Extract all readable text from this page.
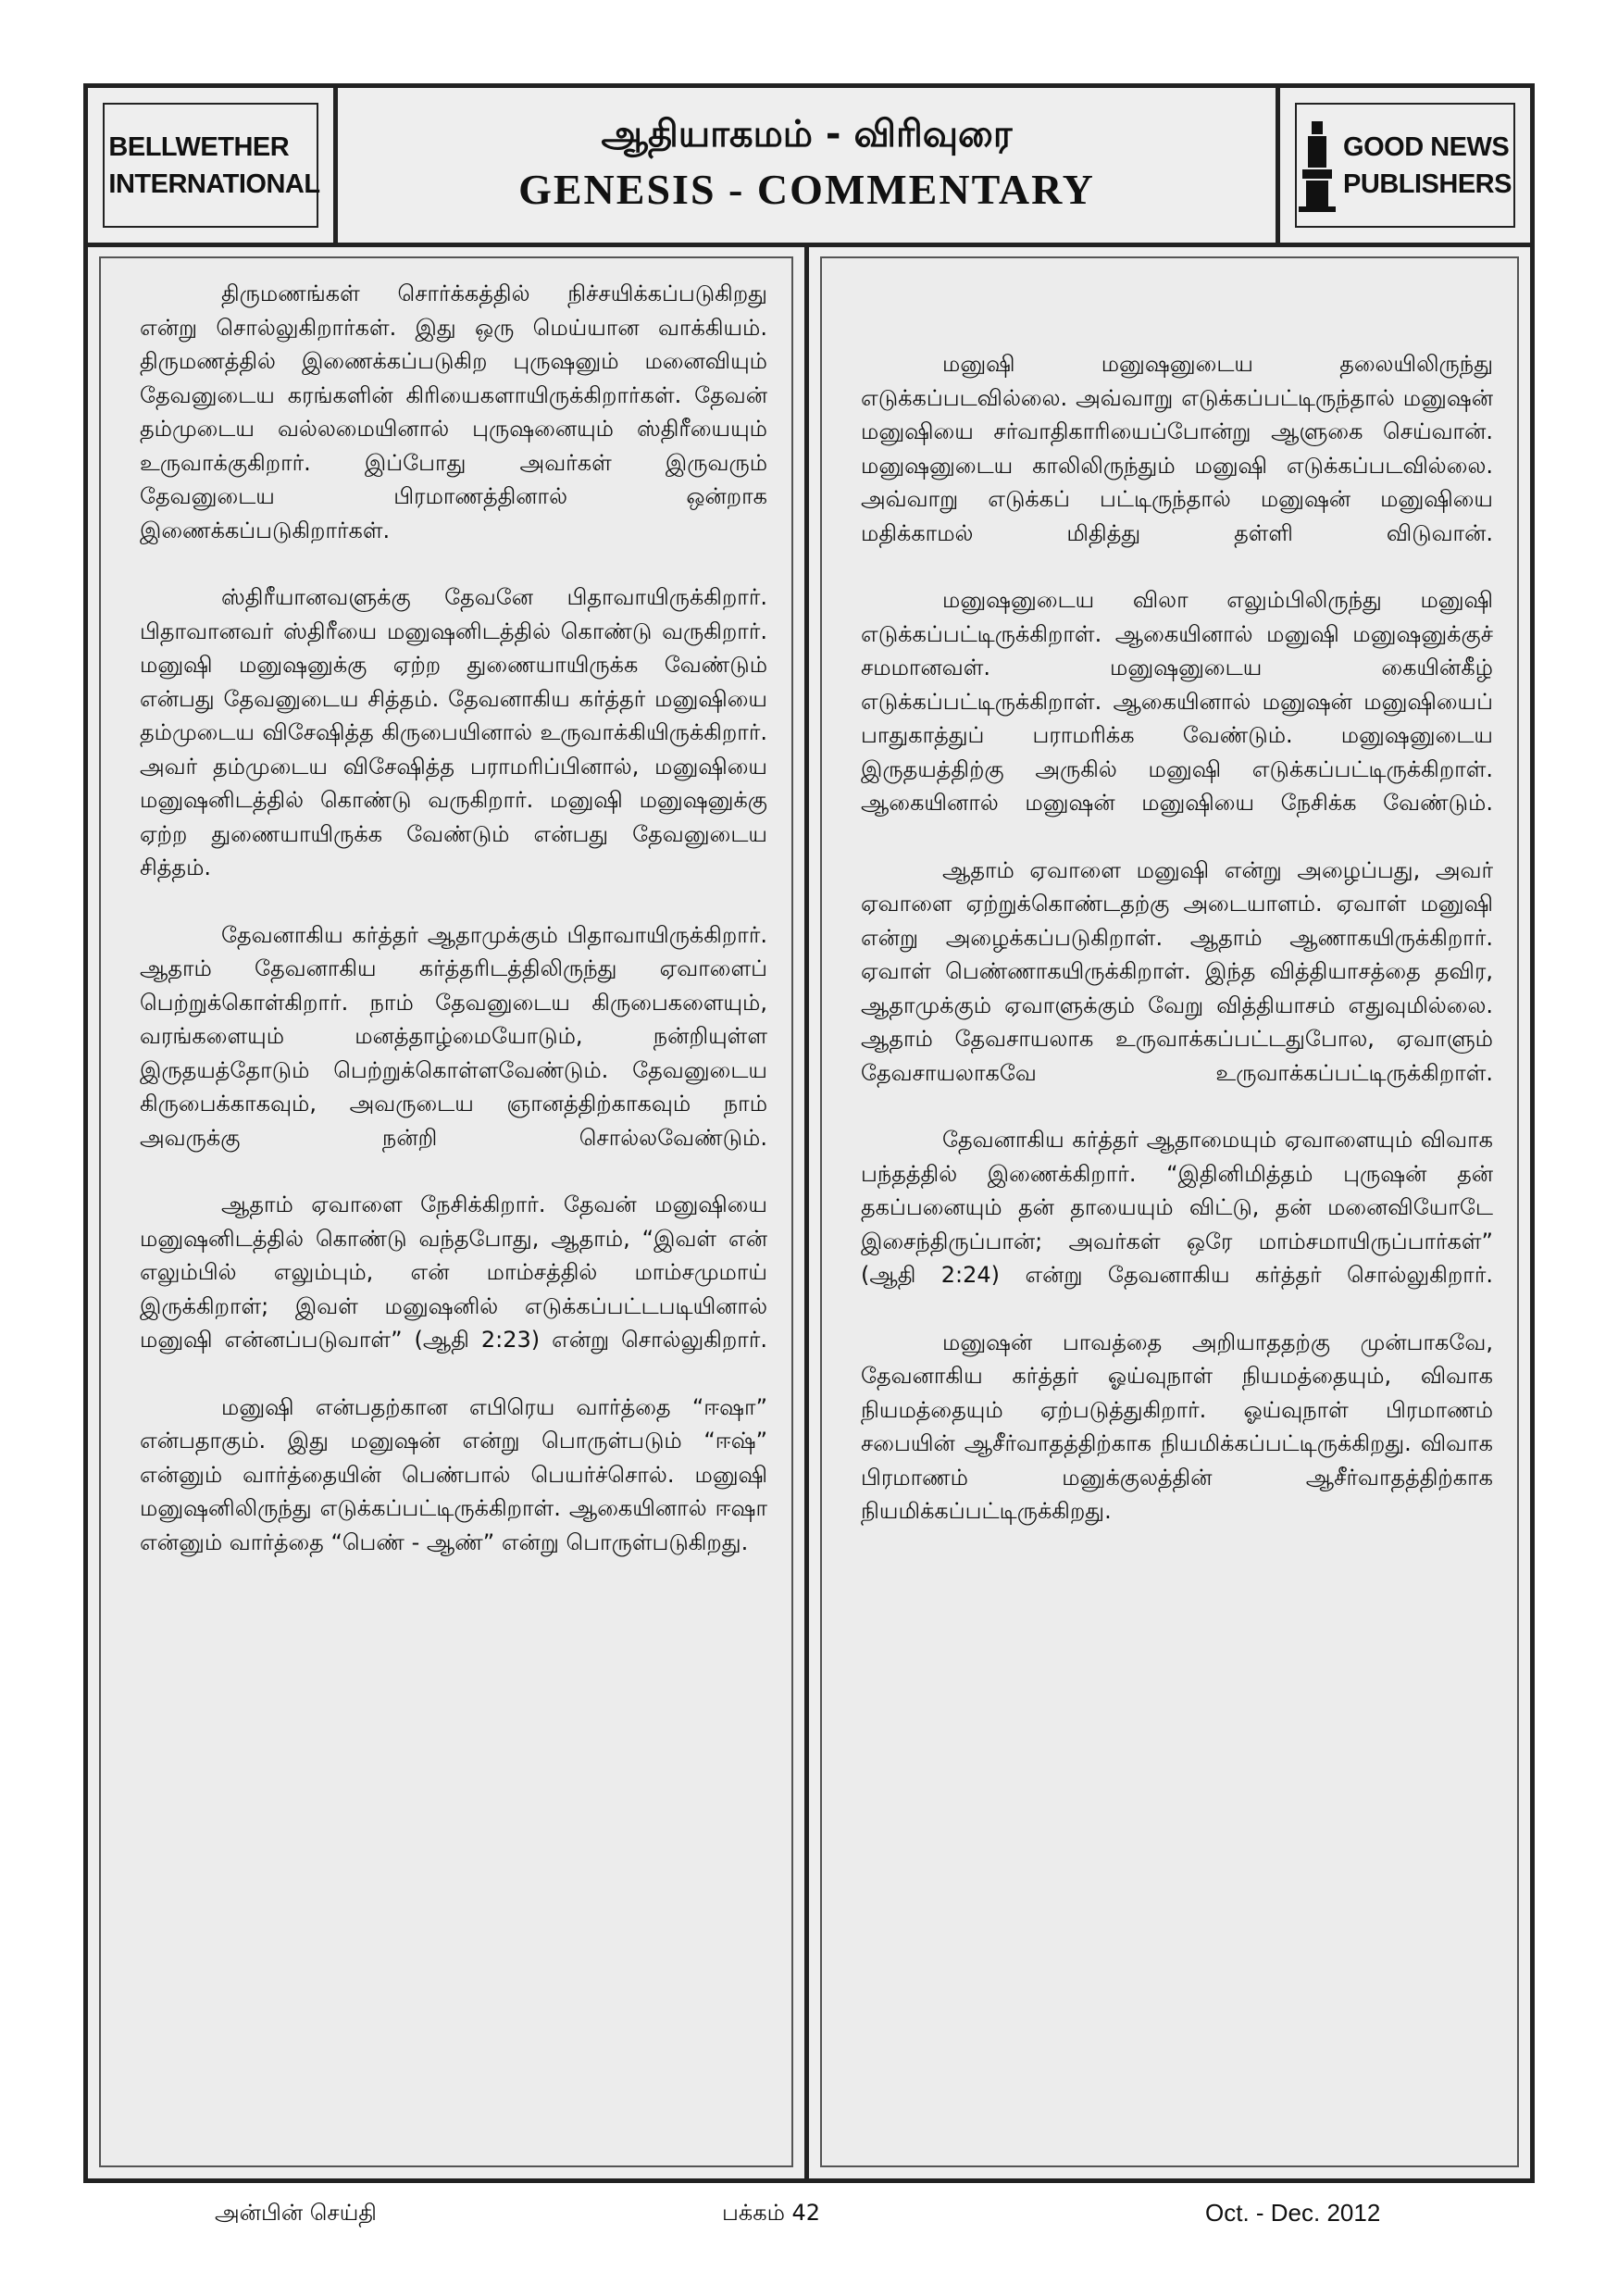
BELLWETHER
INTERNATIONAL
ஆதியாகமம் - விரிவுரை
GENESIS - COMMENTARY
GOOD NEWS
PUBLISHERS

திருமணங்கள் சொர்க்கத்தில் நிச்சயிக்கப்படுகிறது என்று சொல்லுகிறார்கள். இது ஒரு மெய்யான வாக்கியம். திருமணத்தில் இணைக்கப்படுகிற புருஷனும் மனைவியும் தேவனுடைய கரங்களின் கிரியைகளாயிருக்கிறார்கள். தேவன் தம்முடைய வல்லமையினால் புருஷனையும் ஸ்திரீயையும் உருவாக்குகிறார். இப்போது அவர்கள் இருவரும் தேவனுடைய பிரமாணத்தினால் ஒன்றாக இணைக்கப்படுகிறார்கள்.

ஸ்திரீயானவளுக்கு தேவனே பிதாவாயிருக்கிறார். பிதாவானவர் ஸ்திரீயை மனுஷனிடத்தில் கொண்டு வருகிறார். மனுஷி மனுஷனுக்கு ஏற்ற துணையாயிருக்க வேண்டும் என்பது தேவனுடைய சித்தம். தேவனாகிய கர்த்தர் மனுஷியை தம்முடைய விசேஷித்த கிருபையினால் உருவாக்கியிருக்கிறார். அவர் தம்முடைய விசேஷித்த பராமரிப்பினால், மனுஷியை மனுஷனிடத்தில் கொண்டு வருகிறார். மனுஷி மனுஷனுக்கு ஏற்ற துணையாயிருக்க வேண்டும் என்பது தேவனுடைய சித்தம்.

தேவனாகிய கர்த்தர் ஆதாமுக்கும் பிதாவாயிருக்கிறார். ஆதாம் தேவனாகிய கர்த்தரிடத்திலிருந்து ஏவாளைப் பெற்றுக்கொள்கிறார். நாம் தேவனுடைய கிருபைகளையும், வரங்களையும் மனத்தாழ்மையோடும், நன்றியுள்ள இருதயத்தோடும் பெற்றுக்கொள்ளவேண்டும். தேவனுடைய கிருபைக்காகவும், அவருடைய ஞானத்திற்காகவும் நாம் அவருக்கு நன்றி சொல்லவேண்டும்.

ஆதாம் ஏவாளை நேசிக்கிறார். தேவன் மனுஷியை மனுஷனிடத்தில் கொண்டு வந்தபோது, ஆதாம், “இவள் என் எலும்பில் எலும்பும், என் மாம்சத்தில் மாம்சமுமாய் இருக்கிறாள்; இவள் மனுஷனில் எடுக்கப்பட்டபடியினால் மனுஷி என்னப்படுவாள்” (ஆதி 2:23) என்று சொல்லுகிறார்.

மனுஷி என்பதற்கான எபிரெய வார்த்தை “ஈஷா” என்பதாகும். இது மனுஷன் என்று பொருள்படும் “ஈஷ்” என்னும் வார்த்தையின் பெண்பால் பெயர்ச்சொல். மனுஷி மனுஷனிலிருந்து எடுக்கப்பட்டிருக்கிறாள். ஆகையினால் ஈஷா என்னும் வார்த்தை “பெண் - ஆண்” என்று பொருள்படுகிறது.

மனுஷி மனுஷனுடைய தலையிலிருந்து எடுக்கப்படவில்லை. அவ்வாறு எடுக்கப்பட்டிருந்தால் மனுஷன் மனுஷியை சர்வாதிகாரியைப்போன்று ஆளுகை செய்வான். மனுஷனுடைய காலிலிருந்தும் மனுஷி எடுக்கப்படவில்லை. அவ்வாறு எடுக்கப் பட்டிருந்தால் மனுஷன் மனுஷியை மதிக்காமல் மிதித்து தள்ளி விடுவான்.

மனுஷனுடைய விலா எலும்பிலிருந்து மனுஷி எடுக்கப்பட்டிருக்கிறாள். ஆகையினால் மனுஷி மனுஷனுக்குச் சமமானவள். மனுஷனுடைய கையின்கீழ் எடுக்கப்பட்டிருக்கிறாள். ஆகையினால் மனுஷன் மனுஷியைப் பாதுகாத்துப் பராமரிக்க வேண்டும். மனுஷனுடைய இருதயத்திற்கு அருகில் மனுஷி எடுக்கப்பட்டிருக்கிறாள். ஆகையினால் மனுஷன் மனுஷியை நேசிக்க வேண்டும்.

ஆதாம் ஏவாளை மனுஷி என்று அழைப்பது, அவர் ஏவாளை ஏற்றுக்கொண்டதற்கு அடையாளம். ஏவாள் மனுஷி என்று அழைக்கப்படுகிறாள். ஆதாம் ஆணாகயிருக்கிறார். ஏவாள் பெண்ணாகயிருக்கிறாள். இந்த வித்தியாசத்தை தவிர, ஆதாமுக்கும் ஏவாளுக்கும் வேறு வித்தியாசம் எதுவுமில்லை. ஆதாம் தேவசாயலாக உருவாக்கப்பட்டதுபோல, ஏவாளும் தேவசாயலாகவே உருவாக்கப்பட்டிருக்கிறாள்.

தேவனாகிய கர்த்தர் ஆதாமையும் ஏவாளையும் விவாக பந்தத்தில் இணைக்கிறார். “இதினிமித்தம் புருஷன் தன் தகப்பனையும் தன் தாயையும் விட்டு, தன் மனைவியோடே இசைந்திருப்பான்; அவர்கள் ஒரே மாம்சமாயிருப்பார்கள்” (ஆதி 2:24) என்று தேவனாகிய கர்த்தர் சொல்லுகிறார்.

மனுஷன் பாவத்தை அறியாததற்கு முன்பாகவே, தேவனாகிய கர்த்தர் ஓய்வுநாள் நியமத்தையும், விவாக நியமத்தையும் ஏற்படுத்துகிறார். ஓய்வுநாள் பிரமாணம் சபையின் ஆசீர்வாதத்திற்காக நியமிக்கப்பட்டிருக்கிறது. விவாக பிரமாணம் மனுக்குலத்தின் ஆசீர்வாதத்திற்காக நியமிக்கப்பட்டிருக்கிறது.

அன்பின் செய்தி	பக்கம் 42	Oct. - Dec. 2012
